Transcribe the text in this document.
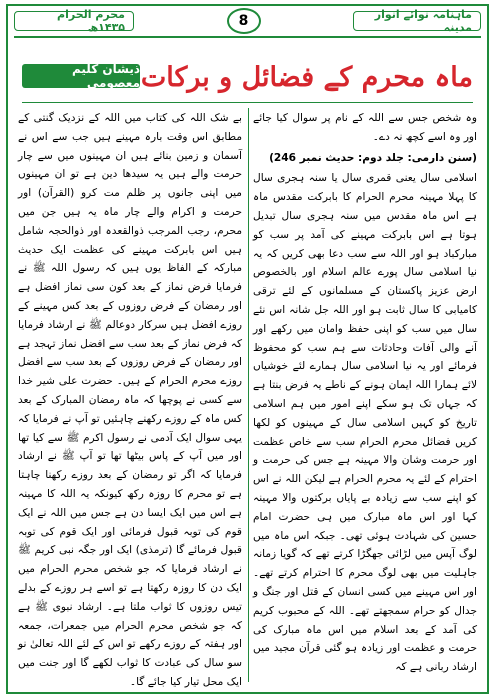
ماہنامہ نوائے انوار مدینہ
8
محرم الحرام ۱۴۳۵ھ
ماہ محرم کے فضائل و برکات
ذیشان کلیم معصومی

وہ شخص جس سے اللہ کے نام پر سوال کیا جائے اور وہ اسے کچھ نہ دے۔

(سنن دارمی: جلد دوم: حدیث نمبر 246)

اسلامی سال یعنی قمری سال یا سنہ ہجری سال کا پہلا مہینہ محرم الحرام کا بابرکت مقدس ماہ ہے اس ماہ مقدس میں سنہ ہجری سال تبدیل ہوتا ہے اس بابرکت مہینے کی آمد پر سب کو مبارکباد ہو اور اللہ سے سب دعا بھی کریں کہ یہ نیا اسلامی سال پورے عالم اسلام اور بالخصوص ارض عزیز پاکستان کے مسلمانوں کے لئے ترقی کامیابی کا سال ثابت ہو اور اللہ جل شانہ اس نئے سال میں سب کو اپنی حفظ وامان میں رکھے اور آنے والی آفات وحادثات سے ہم سب کو محفوظ فرمائے اور یہ نیا اسلامی سال ہمارے لئے خوشیاں لائے ہمارا اللہ ایمان ہونے کے ناطے یہ فرض بنتا ہے کہ جہاں تک ہو سکے اپنے امور میں ہم اسلامی تاریخ کو کہیں اسلامی سال کے مہینوں کو لکھا کریں فضائل محرم الحرام سب سے خاص عظمت اور حرمت وشان والا مہینہ ہے جس کی حرمت و احترام کے لئے یہ محرم الحرام ہے لیکن اللہ نے اس کو اپنے سب سے زیادہ بے پایاں برکتوں والا مہینہ کہا اور اس ماہ مبارک میں ہی حضرت امام حسین کی شہادت ہوئی تھی۔ جبکہ اس ماہ میں لوگ آپس میں لڑائی جھگڑا کرتے تھے کہ گویا زمانہ جاہلیت میں بھی لوگ محرم کا احترام کرتے تھے۔ اور اس مہینے میں کسی انسان کے قتل اور جنگ و جدال کو حرام سمجھتے تھے۔ اللہ کے محبوب کریم کی آمد کے بعد اسلام میں اس ماہ مبارک کی حرمت و عظمت اور زیادہ ہو گئی قرآن مجید میں ارشاد ربانی ہے کہ

بے شک اللہ کی کتاب میں اللہ کے نزدیک گنتی کے مطابق اس وقت بارہ مہینے ہیں جب سے اس نے آسمان و زمین بنائے ہیں ان مہینوں میں سے چار حرمت والے ہیں یہ سیدھا دین ہے تو ان مہینوں میں اپنی جانوں پر ظلم مت کرو (القرآن) اور حرمت و اکرام والے چار ماہ یہ ہیں جن میں محرم، رجب المرجب ذوالقعدہ اور ذوالحجہ شامل ہیں اس بابرکت مہینے کی عظمت ایک حدیث مبارکہ کے الفاظ یوں ہیں کہ رسول اللہ ﷺ نے فرمایا فرض نماز کے بعد کون سی نماز افضل ہے اور رمضان کے فرض روزوں کے بعد کس مہینے کے روزے افضل ہیں سرکار دوعالم ﷺ نے ارشاد فرمایا کہ فرض نماز کے بعد سب سے افضل نماز تہجد ہے اور رمضان کے فرض روزوں کے بعد سب سے افضل روزے محرم الحرام کے ہیں۔ حضرت علی شیر خدا سے کسی نے پوچھا کہ ماہ رمضان المبارک کے بعد کس ماہ کے روزے رکھنے چاہئیں تو آپ نے فرمایا کہ یہی سوال ایک آدمی نے رسول اکرم ﷺ سے کیا تھا اور میں آپ کے پاس بیٹھا تھا تو آپ ﷺ نے ارشاد فرمایا کہ اگر تو رمضان کے بعد روزے رکھنا چاہتا ہے تو محرم کا روزہ رکھ کیونکہ یہ اللہ کا مہینہ ہے اس میں ایک ایسا دن ہے جس میں اللہ نے ایک قوم کی توبہ قبول فرمائی اور ایک قوم کی توبہ قبول فرمائے گا (ترمذی) ایک اور جگہ نبی کریم ﷺ نے ارشاد فرمایا کہ جو شخص محرم الحرام میں ایک دن کا روزہ رکھتا ہے تو اسے ہر روزے کے بدلے تیس روزوں کا ثواب ملتا ہے۔ ارشاد نبوی ﷺ ہے کہ جو شخص محرم الحرام میں جمعرات، جمعہ اور ہفتہ کے روزے رکھے تو اس کے لئے اللہ تعالیٰ نو سو سال کی عبادت کا ثواب لکھے گا اور جنت میں ایک محل تیار کیا جائے گا۔
